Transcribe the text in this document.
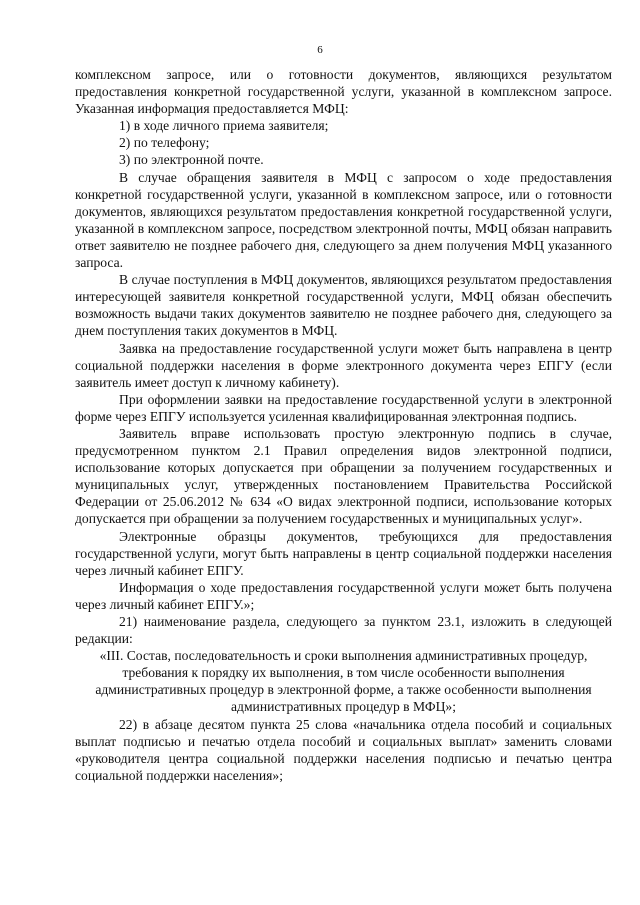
6

комплексном запросе, или о готовности документов, являющихся результатом предоставления конкретной государственной услуги, указанной в комплексном запросе. Указанная информация предоставляется МФЦ:

1) в ходе личного приема заявителя;

2) по телефону;

3) по электронной почте.

В случае обращения заявителя в МФЦ с запросом о ходе предоставления конкретной государственной услуги, указанной в комплексном запросе, или о готовности документов, являющихся результатом предоставления конкретной государственной услуги, указанной в комплексном запросе, посредством электронной почты, МФЦ обязан направить ответ заявителю не позднее рабочего дня, следующего за днем получения МФЦ указанного запроса.

В случае поступления в МФЦ документов, являющихся результатом предоставления интересующей заявителя конкретной государственной услуги, МФЦ обязан обеспечить возможность выдачи таких документов заявителю не позднее рабочего дня, следующего за днем поступления таких документов в МФЦ.

Заявка на предоставление государственной услуги может быть направлена в центр социальной поддержки населения в форме электронного документа через ЕПГУ (если заявитель имеет доступ к личному кабинету).

При оформлении заявки на предоставление государственной услуги в электронной форме через ЕПГУ используется усиленная квалифицированная электронная подпись.

Заявитель вправе использовать простую электронную подпись в случае, предусмотренном пунктом 2.1 Правил определения видов электронной подписи, использование которых допускается при обращении за получением государственных и муниципальных услуг, утвержденных постановлением Правительства Российской Федерации от 25.06.2012 № 634 «О видах электронной подписи, использование которых допускается при обращении за получением государственных и муниципальных услуг».

Электронные образцы документов, требующихся для предоставления государственной услуги, могут быть направлены в центр социальной поддержки населения через личный кабинет ЕПГУ.

Информация о ходе предоставления государственной услуги может быть получена через личный кабинет ЕПГУ.»;

21) наименование раздела, следующего за пунктом 23.1, изложить в следующей редакции:

«III. Состав, последовательность и сроки выполнения административных процедур, требования к порядку их выполнения, в том числе особенности выполнения административных процедур в электронной форме, а также особенности выполнения административных процедур в МФЦ»;

22) в абзаце десятом пункта 25 слова «начальника отдела пособий и социальных выплат подписью и печатью отдела пособий и социальных выплат» заменить словами «руководителя центра социальной поддержки населения подписью и печатью центра социальной поддержки населения»;
